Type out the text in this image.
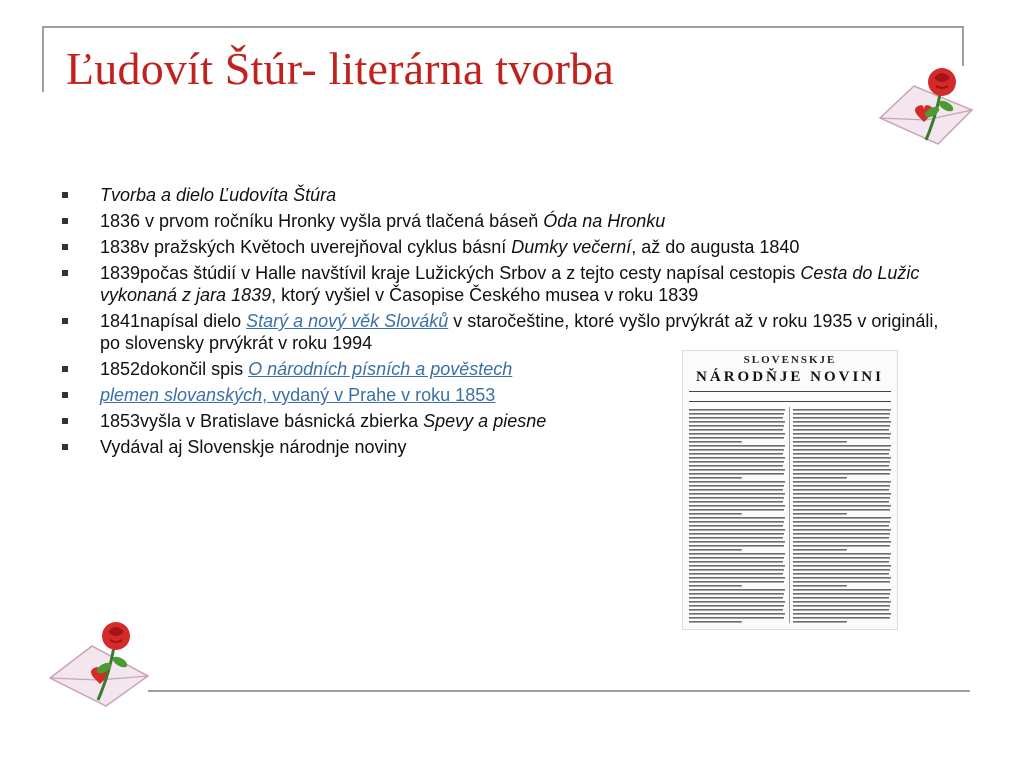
Ľudovít Štúr- literárna tvorba
Tvorba a dielo Ľudovíta Štúra
1836 v prvom ročníku Hronky vyšla prvá tlačená báseň Óda na Hronku
1838v pražských Květoch uverejňoval cyklus básní Dumky večerní, až do augusta 1840
1839počas štúdií v Halle navštívil kraje Lužických Srbov a z tejto cesty napísal cestopis Cesta do Lužic vykonaná z jara 1839, ktorý vyšiel v Časopise Českého musea v roku 1839
1841napísal dielo Starý a nový věk Slováků v staročeštine, ktoré vyšlo prvýkrát až v roku 1935 v origináli, po slovensky prvýkrát v roku 1994
1852dokončil spis O národních písních a pověstech
plemen slovanských, vydaný v Prahe v roku 1853
1853vyšla v Bratislave básnická zbierka Spevy a piesne
Vydával aj Slovenskje národnje noviny
SLOVENSKJE
NÁRODŇJE NOVINI
